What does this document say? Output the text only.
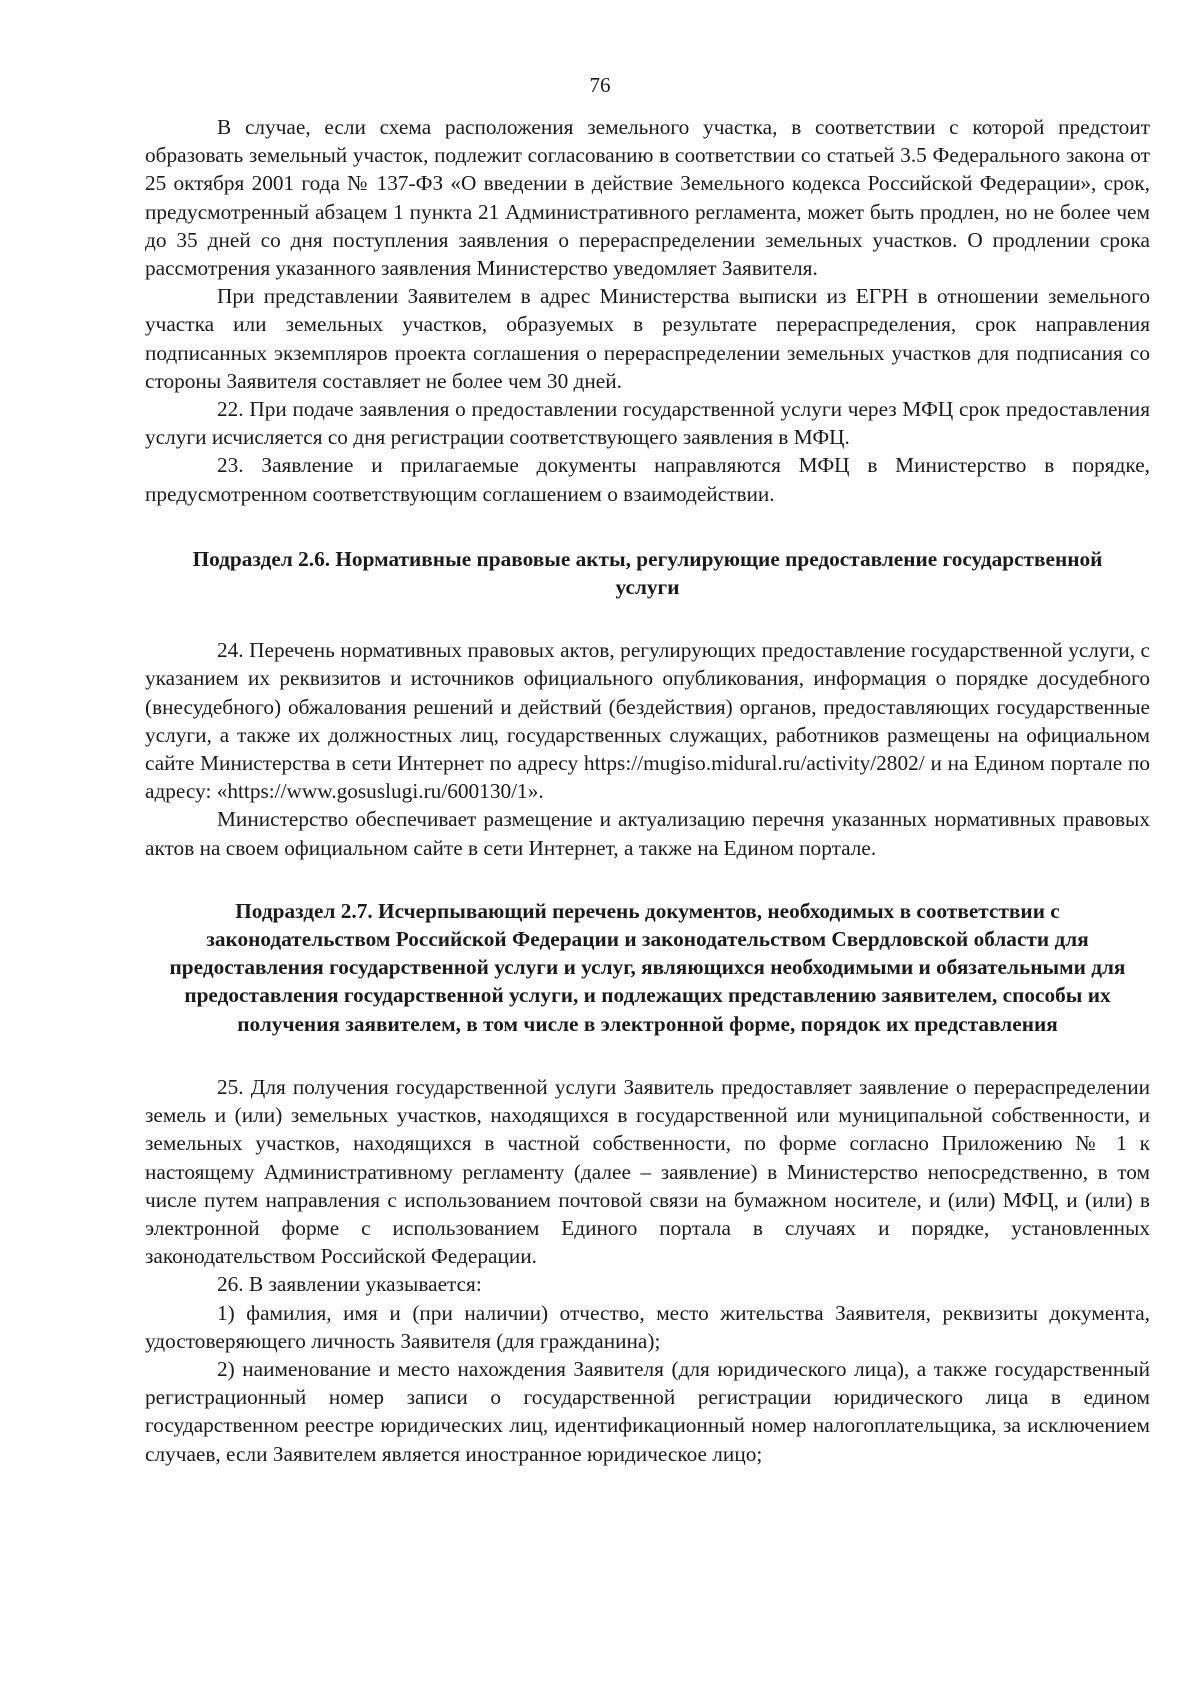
76

В случае, если схема расположения земельного участка, в соответствии с которой предстоит образовать земельный участок, подлежит согласованию в соответствии со статьей 3.5 Федерального закона от 25 октября 2001 года № 137-ФЗ «О введении в действие Земельного кодекса Российской Федерации», срок, предусмотренный абзацем 1 пункта 21 Административного регламента, может быть продлен, но не более чем до 35 дней со дня поступления заявления о перераспределении земельных участков. О продлении срока рассмотрения указанного заявления Министерство уведомляет Заявителя.

При представлении Заявителем в адрес Министерства выписки из ЕГРН в отношении земельного участка или земельных участков, образуемых в результате перераспределения, срок направления подписанных экземпляров проекта соглашения о перераспределении земельных участков для подписания со стороны Заявителя составляет не более чем 30 дней.

22. При подаче заявления о предоставлении государственной услуги через МФЦ срок предоставления услуги исчисляется со дня регистрации соответствующего заявления в МФЦ.

23. Заявление и прилагаемые документы направляются МФЦ в Министерство в порядке, предусмотренном соответствующим соглашением о взаимодействии.

Подраздел 2.6. Нормативные правовые акты, регулирующие предоставление государственной услуги

24. Перечень нормативных правовых актов, регулирующих предоставление государственной услуги, с указанием их реквизитов и источников официального опубликования, информация о порядке досудебного (внесудебного) обжалования решений и действий (бездействия) органов, предоставляющих государственные услуги, а также их должностных лиц, государственных служащих, работников размещены на официальном сайте Министерства в сети Интернет по адресу https://mugiso.midural.ru/activity/2802/ и на Едином портале по адресу: «https://www.gosuslugi.ru/600130/1».

Министерство обеспечивает размещение и актуализацию перечня указанных нормативных правовых актов на своем официальном сайте в сети Интернет, а также на Едином портале.

Подраздел 2.7. Исчерпывающий перечень документов, необходимых в соответствии с законодательством Российской Федерации и законодательством Свердловской области для предоставления государственной услуги и услуг, являющихся необходимыми и обязательными для предоставления государственной услуги, и подлежащих представлению заявителем, способы их получения заявителем, в том числе в электронной форме, порядок их представления

25. Для получения государственной услуги Заявитель предоставляет заявление о перераспределении земель и (или) земельных участков, находящихся в государственной или муниципальной собственности, и земельных участков, находящихся в частной собственности, по форме согласно Приложению № 1 к настоящему Административному регламенту (далее – заявление) в Министерство непосредственно, в том числе путем направления с использованием почтовой связи на бумажном носителе, и (или) МФЦ, и (или) в электронной форме с использованием Единого портала в случаях и порядке, установленных законодательством Российской Федерации.

26. В заявлении указывается:

1) фамилия, имя и (при наличии) отчество, место жительства Заявителя, реквизиты документа, удостоверяющего личность Заявителя (для гражданина);

2) наименование и место нахождения Заявителя (для юридического лица), а также государственный регистрационный номер записи о государственной регистрации юридического лица в едином государственном реестре юридических лиц, идентификационный номер налогоплательщика, за исключением случаев, если Заявителем является иностранное юридическое лицо;
